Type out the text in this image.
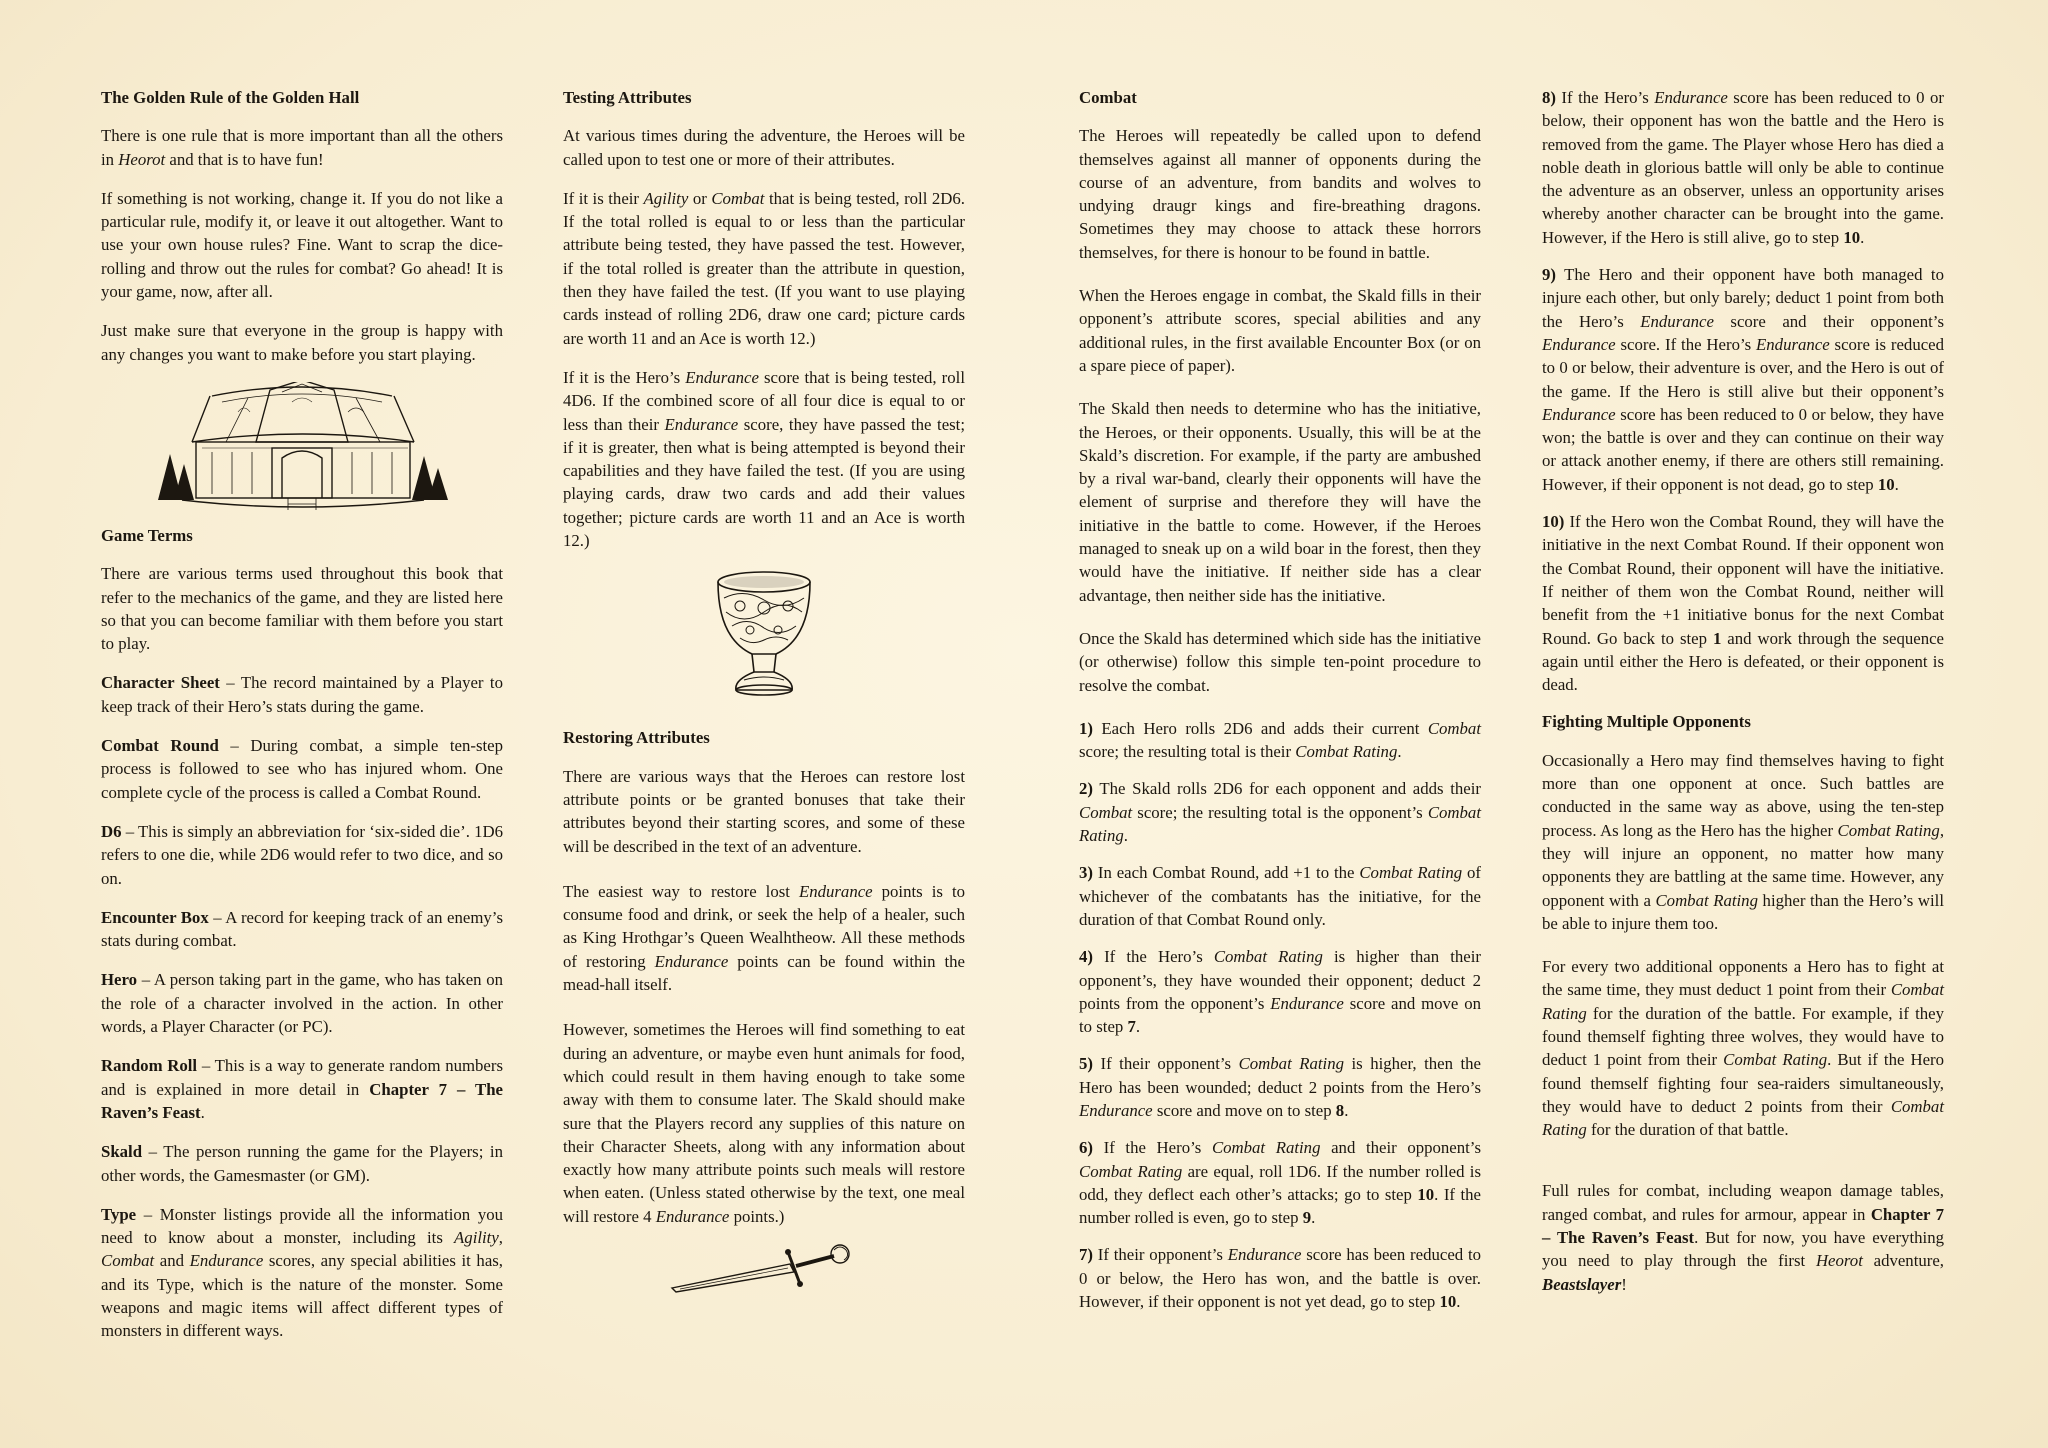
The Golden Rule of the Golden Hall

There is one rule that is more important than all the others in Heorot and that is to have fun!

If something is not working, change it. If you do not like a particular rule, modify it, or leave it out altogether. Want to use your own house rules? Fine. Want to scrap the dice-rolling and throw out the rules for combat? Go ahead! It is your game, now, after all.

Just make sure that everyone in the group is happy with any changes you want to make before you start playing.

Game Terms

There are various terms used throughout this book that refer to the mechanics of the game, and they are listed here so that you can become familiar with them before you start to play.

Character Sheet – The record maintained by a Player to keep track of their Hero’s stats during the game.

Combat Round – During combat, a simple ten-step process is followed to see who has injured whom. One complete cycle of the process is called a Combat Round.

D6 – This is simply an abbreviation for ‘six-sided die’. 1D6 refers to one die, while 2D6 would refer to two dice, and so on.

Encounter Box – A record for keeping track of an enemy’s stats during combat.

Hero – A person taking part in the game, who has taken on the role of a character involved in the action. In other words, a Player Character (or PC).

Random Roll – This is a way to generate random numbers and is explained in more detail in Chapter 7 – The Raven’s Feast.

Skald – The person running the game for the Players; in other words, the Gamesmaster (or GM).

Type – Monster listings provide all the information you need to know about a monster, including its Agility, Combat and Endurance scores, any special abilities it has, and its Type, which is the nature of the monster. Some weapons and magic items will affect different types of monsters in different ways.

Testing Attributes

At various times during the adventure, the Heroes will be called upon to test one or more of their attributes.

If it is their Agility or Combat that is being tested, roll 2D6. If the total rolled is equal to or less than the particular attribute being tested, they have passed the test. However, if the total rolled is greater than the attribute in question, then they have failed the test. (If you want to use playing cards instead of rolling 2D6, draw one card; picture cards are worth 11 and an Ace is worth 12.)

If it is the Hero’s Endurance score that is being tested, roll 4D6. If the combined score of all four dice is equal to or less than their Endurance score, they have passed the test; if it is greater, then what is being attempted is beyond their capabilities and they have failed the test. (If you are using playing cards, draw two cards and add their values together; picture cards are worth 11 and an Ace is worth 12.)

Restoring Attributes

There are various ways that the Heroes can restore lost attribute points or be granted bonuses that take their attributes beyond their starting scores, and some of these will be described in the text of an adventure.

The easiest way to restore lost Endurance points is to consume food and drink, or seek the help of a healer, such as King Hrothgar’s Queen Wealhtheow. All these methods of restoring Endurance points can be found within the mead-hall itself.

However, sometimes the Heroes will find something to eat during an adventure, or maybe even hunt animals for food, which could result in them having enough to take some away with them to consume later. The Skald should make sure that the Players record any supplies of this nature on their Character Sheets, along with any information about exactly how many attribute points such meals will restore when eaten. (Unless stated otherwise by the text, one meal will restore 4 Endurance points.)

Combat

The Heroes will repeatedly be called upon to defend themselves against all manner of opponents during the course of an adventure, from bandits and wolves to undying draugr kings and fire-breathing dragons. Sometimes they may choose to attack these horrors themselves, for there is honour to be found in battle.

When the Heroes engage in combat, the Skald fills in their opponent’s attribute scores, special abilities and any additional rules, in the first available Encounter Box (or on a spare piece of paper).

The Skald then needs to determine who has the initiative, the Heroes, or their opponents. Usually, this will be at the Skald’s discretion. For example, if the party are ambushed by a rival war-band, clearly their opponents will have the element of surprise and therefore they will have the initiative in the battle to come. However, if the Heroes managed to sneak up on a wild boar in the forest, then they would have the initiative. If neither side has a clear advantage, then neither side has the initiative.

Once the Skald has determined which side has the initiative (or otherwise) follow this simple ten-point procedure to resolve the combat.

1) Each Hero rolls 2D6 and adds their current Combat score; the resulting total is their Combat Rating.

2) The Skald rolls 2D6 for each opponent and adds their Combat score; the resulting total is the opponent’s Combat Rating.

3) In each Combat Round, add +1 to the Combat Rating of whichever of the combatants has the initiative, for the duration of that Combat Round only.

4) If the Hero’s Combat Rating is higher than their opponent’s, they have wounded their opponent; deduct 2 points from the opponent’s Endurance score and move on to step 7.

5) If their opponent’s Combat Rating is higher, then the Hero has been wounded; deduct 2 points from the Hero’s Endurance score and move on to step 8.

6) If the Hero’s Combat Rating and their opponent’s Combat Rating are equal, roll 1D6. If the number rolled is odd, they deflect each other’s attacks; go to step 10. If the number rolled is even, go to step 9.

7) If their opponent’s Endurance score has been reduced to 0 or below, the Hero has won, and the battle is over. However, if their opponent is not yet dead, go to step 10.

8) If the Hero’s Endurance score has been reduced to 0 or below, their opponent has won the battle and the Hero is removed from the game. The Player whose Hero has died a noble death in glorious battle will only be able to continue the adventure as an observer, unless an opportunity arises whereby another character can be brought into the game. However, if the Hero is still alive, go to step 10.

9) The Hero and their opponent have both managed to injure each other, but only barely; deduct 1 point from both the Hero’s Endurance score and their opponent’s Endurance score. If the Hero’s Endurance score is reduced to 0 or below, their adventure is over, and the Hero is out of the game. If the Hero is still alive but their opponent’s Endurance score has been reduced to 0 or below, they have won; the battle is over and they can continue on their way or attack another enemy, if there are others still remaining. However, if their opponent is not dead, go to step 10.

10) If the Hero won the Combat Round, they will have the initiative in the next Combat Round. If their opponent won the Combat Round, their opponent will have the initiative. If neither of them won the Combat Round, neither will benefit from the +1 initiative bonus for the next Combat Round. Go back to step 1 and work through the sequence again until either the Hero is defeated, or their opponent is dead.

Fighting Multiple Opponents

Occasionally a Hero may find themselves having to fight more than one opponent at once. Such battles are conducted in the same way as above, using the ten-step process. As long as the Hero has the higher Combat Rating, they will injure an opponent, no matter how many opponents they are battling at the same time. However, any opponent with a Combat Rating higher than the Hero’s will be able to injure them too.

For every two additional opponents a Hero has to fight at the same time, they must deduct 1 point from their Combat Rating for the duration of the battle. For example, if they found themself fighting three wolves, they would have to deduct 1 point from their Combat Rating. But if the Hero found themself fighting four sea-raiders simultaneously, they would have to deduct 2 points from their Combat Rating for the duration of that battle.

Full rules for combat, including weapon damage tables, ranged combat, and rules for armour, appear in Chapter 7 – The Raven’s Feast. But for now, you have everything you need to play through the first Heorot adventure, Beastslayer!
